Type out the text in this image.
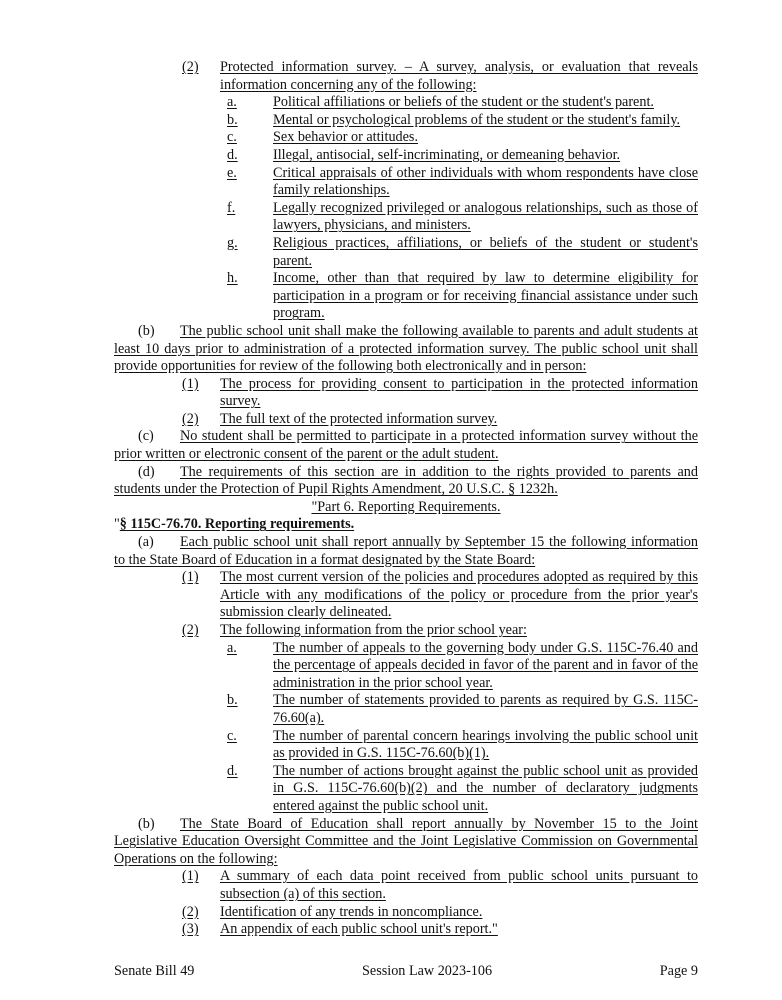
(2)	Protected information survey. – A survey, analysis, or evaluation that reveals information concerning any of the following:
a.	Political affiliations or beliefs of the student or the student's parent.
b.	Mental or psychological problems of the student or the student's family.
c.	Sex behavior or attitudes.
d.	Illegal, antisocial, self-incriminating, or demeaning behavior.
e.	Critical appraisals of other individuals with whom respondents have close family relationships.
f.	Legally recognized privileged or analogous relationships, such as those of lawyers, physicians, and ministers.
g.	Religious practices, affiliations, or beliefs of the student or student's parent.
h.	Income, other than that required by law to determine eligibility for participation in a program or for receiving financial assistance under such program.
(b) The public school unit shall make the following available to parents and adult students at least 10 days prior to administration of a protected information survey. The public school unit shall provide opportunities for review of the following both electronically and in person:
(1)	The process for providing consent to participation in the protected information survey.
(2)	The full text of the protected information survey.
(c) No student shall be permitted to participate in a protected information survey without the prior written or electronic consent of the parent or the adult student.
(d) The requirements of this section are in addition to the rights provided to parents and students under the Protection of Pupil Rights Amendment, 20 U.S.C. § 1232h.
"Part 6. Reporting Requirements.
"§ 115C-76.70. Reporting requirements.
(a) Each public school unit shall report annually by September 15 the following information to the State Board of Education in a format designated by the State Board:
(1)	The most current version of the policies and procedures adopted as required by this Article with any modifications of the policy or procedure from the prior year's submission clearly delineated.
(2)	The following information from the prior school year:
a.	The number of appeals to the governing body under G.S. 115C-76.40 and the percentage of appeals decided in favor of the parent and in favor of the administration in the prior school year.
b.	The number of statements provided to parents as required by G.S. 115C-76.60(a).
c.	The number of parental concern hearings involving the public school unit as provided in G.S. 115C-76.60(b)(1).
d.	The number of actions brought against the public school unit as provided in G.S. 115C-76.60(b)(2) and the number of declaratory judgments entered against the public school unit.
(b) The State Board of Education shall report annually by November 15 to the Joint Legislative Education Oversight Committee and the Joint Legislative Commission on Governmental Operations on the following:
(1)	A summary of each data point received from public school units pursuant to subsection (a) of this section.
(2)	Identification of any trends in noncompliance.
(3)	An appendix of each public school unit's report."
Senate Bill 49	Session Law 2023-106	Page 9
